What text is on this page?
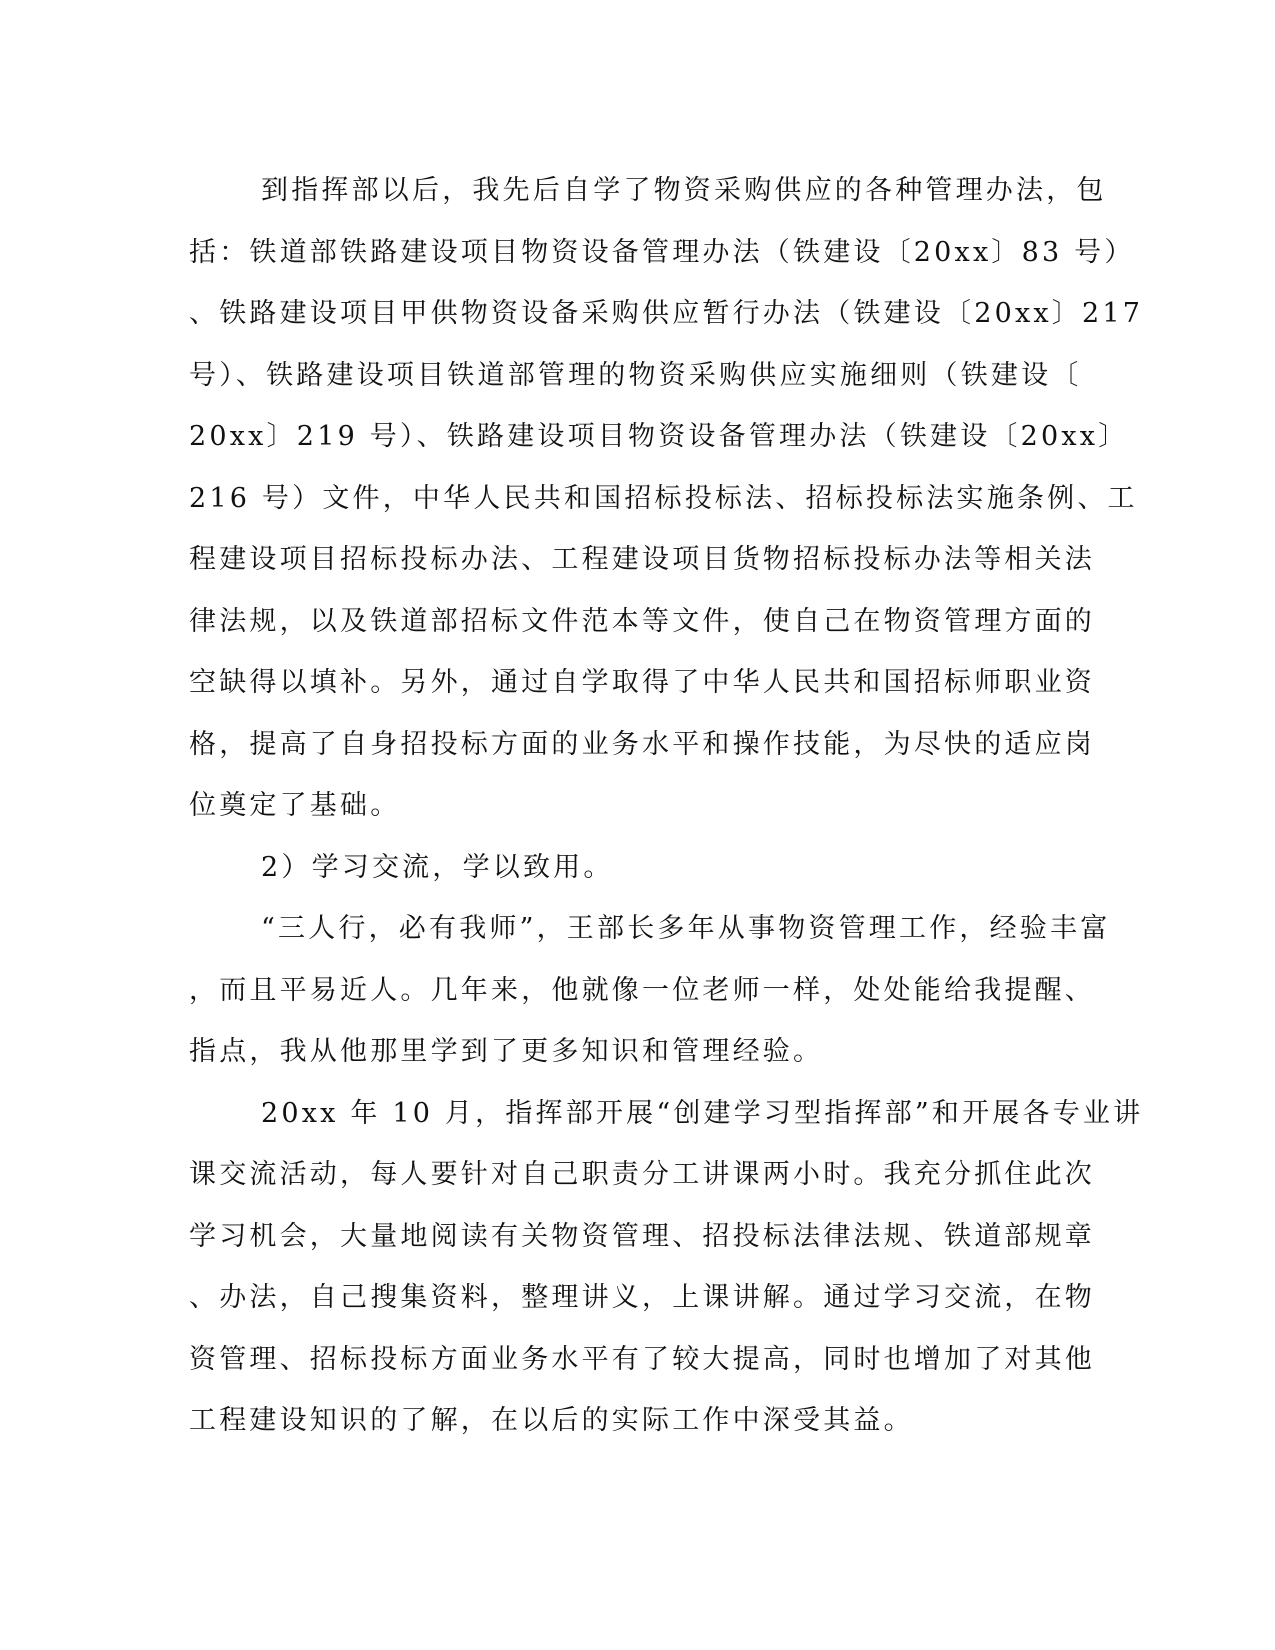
到指挥部以后，我先后自学了物资采购供应的各种管理办法，包
括：铁道部铁路建设项目物资设备管理办法（铁建设〔20xx〕83 号）
、铁路建设项目甲供物资设备采购供应暂行办法（铁建设〔20xx〕217
号）、铁路建设项目铁道部管理的物资采购供应实施细则（铁建设〔
20xx〕219 号）、铁路建设项目物资设备管理办法（铁建设〔20xx〕
216 号）文件，中华人民共和国招标投标法、招标投标法实施条例、工
程建设项目招标投标办法、工程建设项目货物招标投标办法等相关法
律法规，以及铁道部招标文件范本等文件，使自己在物资管理方面的
空缺得以填补。另外，通过自学取得了中华人民共和国招标师职业资
格，提高了自身招投标方面的业务水平和操作技能，为尽快的适应岗
位奠定了基础。
2）学习交流，学以致用。
“三人行，必有我师”，王部长多年从事物资管理工作，经验丰富
，而且平易近人。几年来，他就像一位老师一样，处处能给我提醒、
指点，我从他那里学到了更多知识和管理经验。
20xx 年 10 月，指挥部开展“创建学习型指挥部”和开展各专业讲
课交流活动，每人要针对自己职责分工讲课两小时。我充分抓住此次
学习机会，大量地阅读有关物资管理、招投标法律法规、铁道部规章
、办法，自己搜集资料，整理讲义，上课讲解。通过学习交流，在物
资管理、招标投标方面业务水平有了较大提高，同时也增加了对其他
工程建设知识的了解，在以后的实际工作中深受其益。
